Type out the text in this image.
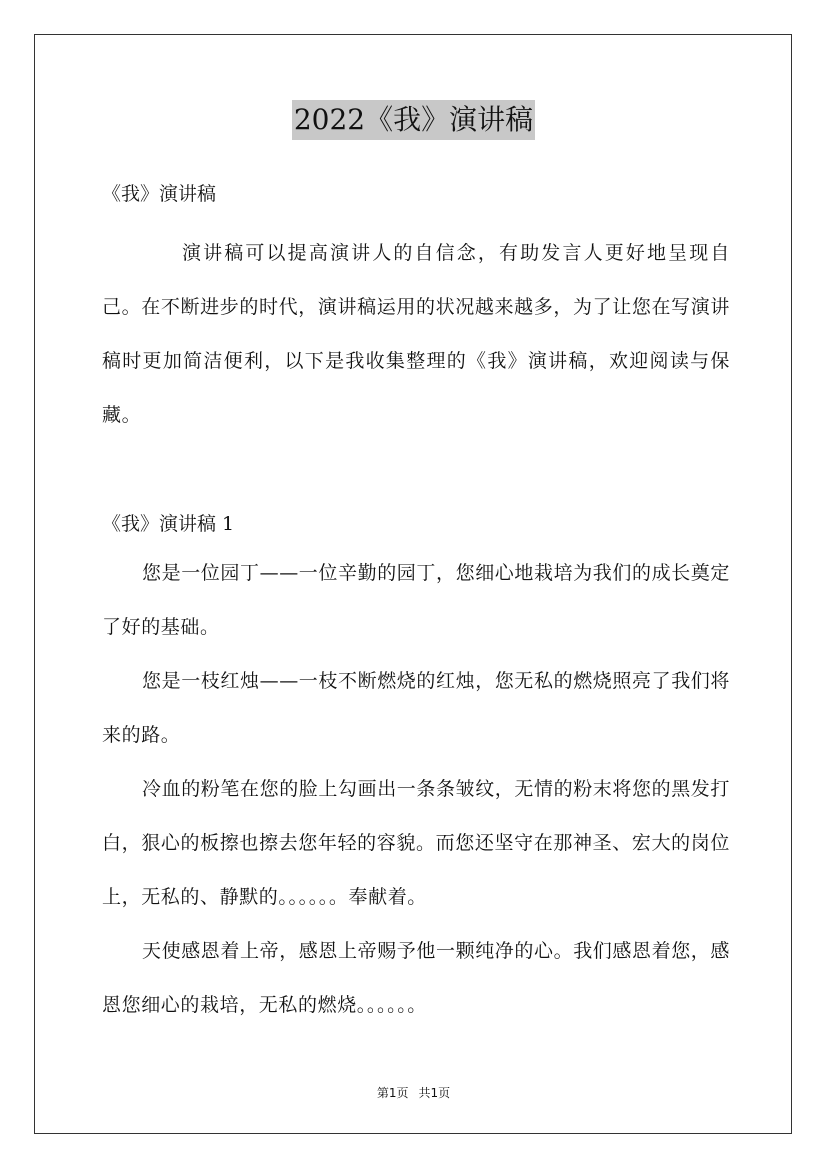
2022《我》演讲稿

《我》演讲稿

演讲稿可以提高演讲人的自信念，有助发言人更好地呈现自己。在不断进步的时代，演讲稿运用的状况越来越多，为了让您在写演讲稿时更加简洁便利，以下是我收集整理的《我》演讲稿，欢迎阅读与保藏。

《我》演讲稿 1

您是一位园丁——一位辛勤的园丁，您细心地栽培为我们的成长奠定了好的基础。

您是一枝红烛——一枝不断燃烧的红烛，您无私的燃烧照亮了我们将来的路。

冷血的粉笔在您的脸上勾画出一条条皱纹，无情的粉末将您的黑发打白，狠心的板擦也擦去您年轻的容貌。而您还坚守在那神圣、宏大的岗位上，无私的、静默的。。。。。。奉献着。

天使感恩着上帝，感恩上帝赐予他一颗纯净的心。我们感恩着您，感恩您细心的栽培，无私的燃烧。。。。。。

第1页 共1页
